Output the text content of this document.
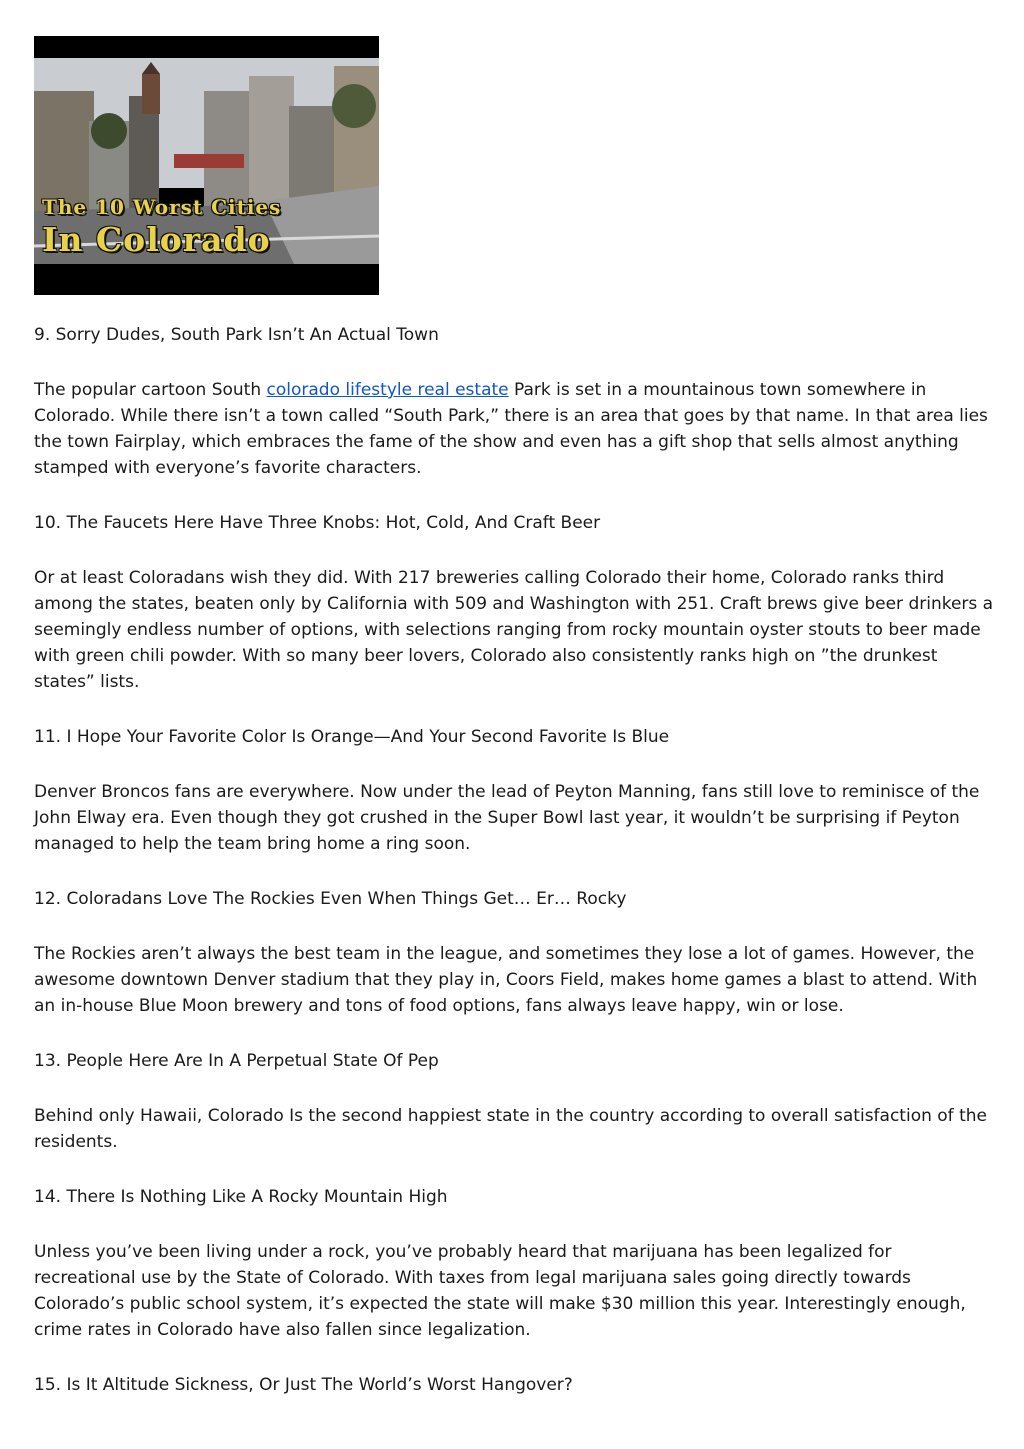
The 10 Worst Cities
In Colorado

9. Sorry Dudes, South Park Isn’t An Actual Town

The popular cartoon South colorado lifestyle real estate Park is set in a mountainous town somewhere in Colorado. While there isn’t a town called “South Park,” there is an area that goes by that name. In that area lies the town Fairplay, which embraces the fame of the show and even has a gift shop that sells almost anything stamped with everyone’s favorite characters.

10. The Faucets Here Have Three Knobs: Hot, Cold, And Craft Beer

Or at least Coloradans wish they did. With 217 breweries calling Colorado their home, Colorado ranks third among the states, beaten only by California with 509 and Washington with 251. Craft brews give beer drinkers a seemingly endless number of options, with selections ranging from rocky mountain oyster stouts to beer made with green chili powder. With so many beer lovers, Colorado also consistently ranks high on ”the drunkest states” lists.

11. I Hope Your Favorite Color Is Orange—And Your Second Favorite Is Blue

Denver Broncos fans are everywhere. Now under the lead of Peyton Manning, fans still love to reminisce of the John Elway era. Even though they got crushed in the Super Bowl last year, it wouldn’t be surprising if Peyton managed to help the team bring home a ring soon.

12. Coloradans Love The Rockies Even When Things Get… Er… Rocky

The Rockies aren’t always the best team in the league, and sometimes they lose a lot of games. However, the awesome downtown Denver stadium that they play in, Coors Field, makes home games a blast to attend. With an in-house Blue Moon brewery and tons of food options, fans always leave happy, win or lose.

13. People Here Are In A Perpetual State Of Pep

Behind only Hawaii, Colorado Is the second happiest state in the country according to overall satisfaction of the residents.

14. There Is Nothing Like A Rocky Mountain High

Unless you’ve been living under a rock, you’ve probably heard that marijuana has been legalized for recreational use by the State of Colorado. With taxes from legal marijuana sales going directly towards Colorado’s public school system, it’s expected the state will make $30 million this year. Interestingly enough, crime rates in Colorado have also fallen since legalization.

15. Is It Altitude Sickness, Or Just The World’s Worst Hangover?
